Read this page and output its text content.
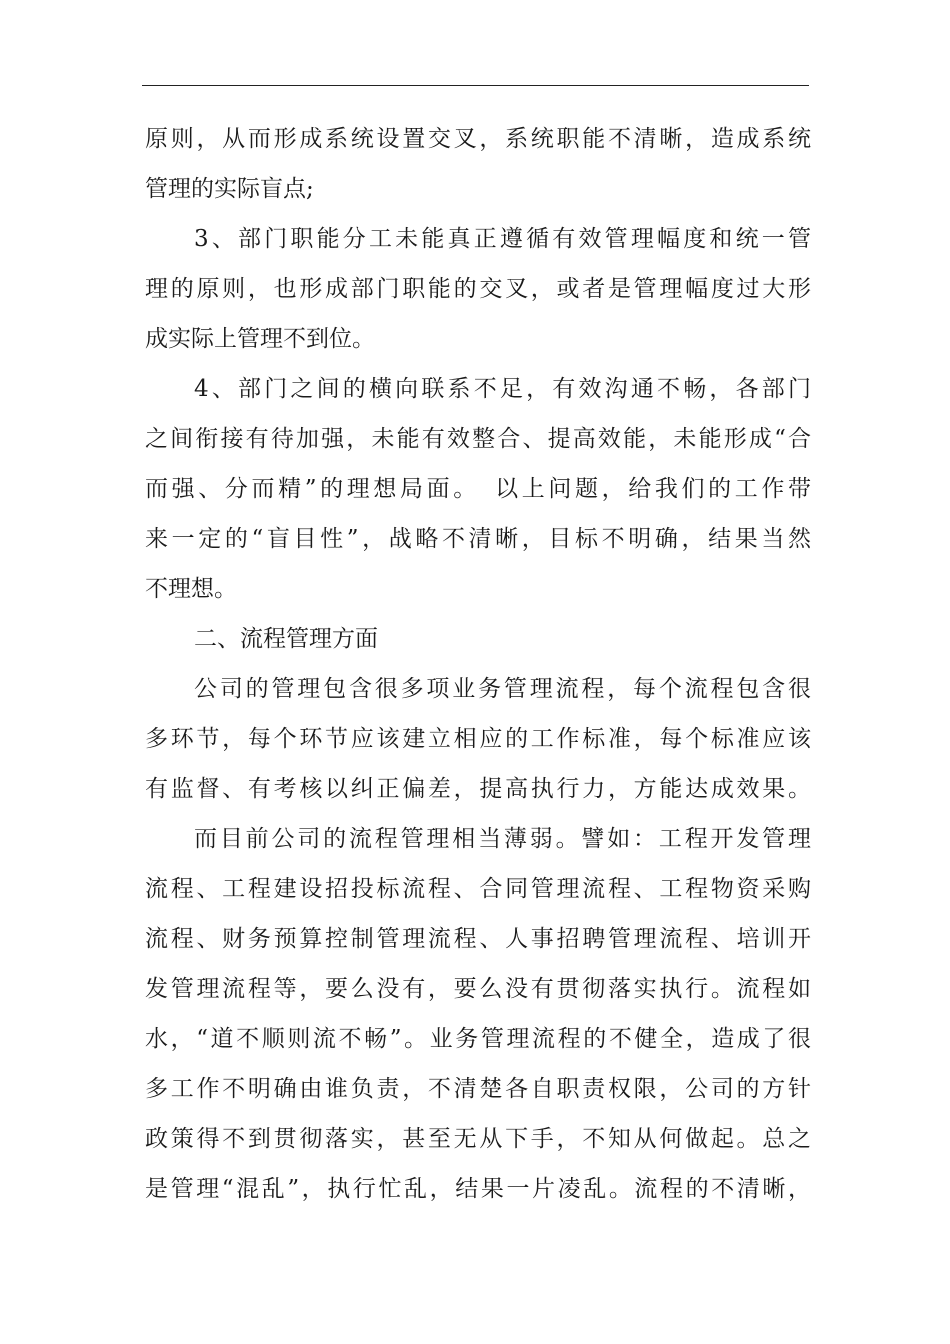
原则，从而形成系统设置交叉，系统职能不清晰，造成系统
管理的实际盲点;
3、部门职能分工未能真正遵循有效管理幅度和统一管
理的原则，也形成部门职能的交叉，或者是管理幅度过大形
成实际上管理不到位。
4、部门之间的横向联系不足，有效沟通不畅，各部门
之间衔接有待加强，未能有效整合、提高效能，未能形成“合
而强、分而精”的理想局面。　以上问题，给我们的工作带
来一定的“盲目性”，战略不清晰，目标不明确，结果当然
不理想。
二、流程管理方面
公司的管理包含很多项业务管理流程，每个流程包含很
多环节，每个环节应该建立相应的工作标准，每个标准应该
有监督、有考核以纠正偏差，提高执行力，方能达成效果。
而目前公司的流程管理相当薄弱。譬如：工程开发管理
流程、工程建设招投标流程、合同管理流程、工程物资采购
流程、财务预算控制管理流程、人事招聘管理流程、培训开
发管理流程等，要么没有，要么没有贯彻落实执行。流程如
水，“道不顺则流不畅”。业务管理流程的不健全，造成了很
多工作不明确由谁负责，不清楚各自职责权限，公司的方针
政策得不到贯彻落实，甚至无从下手，不知从何做起。总之
是管理“混乱”，执行忙乱，结果一片凌乱。流程的不清晰，
